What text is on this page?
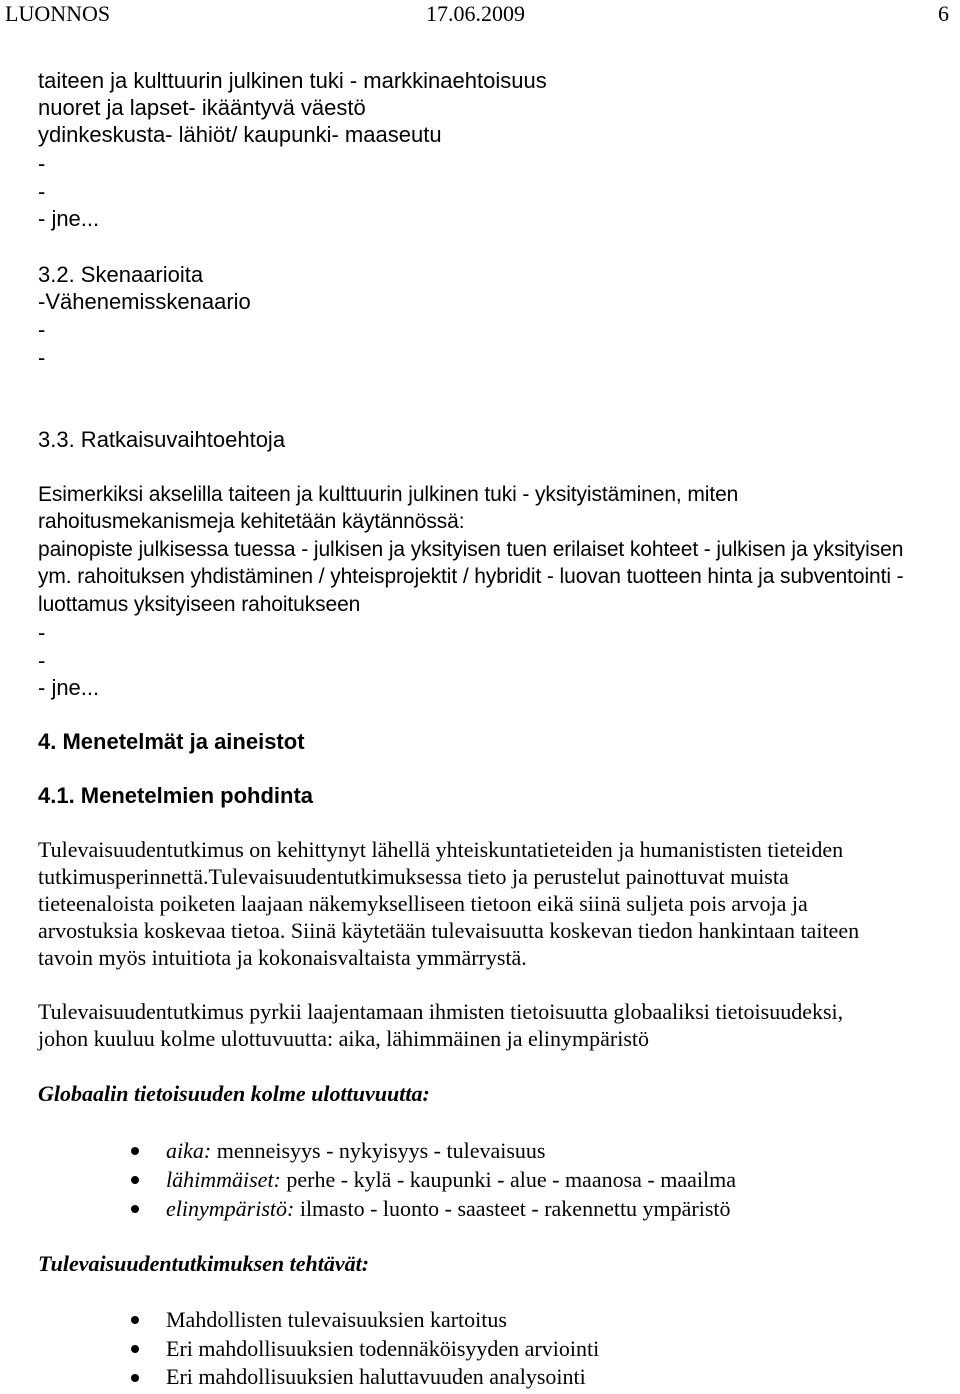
LUONNOS	17.06.2009	6
taiteen ja kulttuurin julkinen tuki - markkinaehtoisuus
nuoret ja lapset- ikääntyvä väestö
ydinkeskusta- lähiöt/ kaupunki- maaseutu
-
-
- jne...
3.2. Skenaarioita
-Vähenemisskenaario
-
-
3.3. Ratkaisuvaihtoehtoja
Esimerkiksi akselilla taiteen ja kulttuurin julkinen tuki - yksityistäminen, miten
rahoitusmekanismeja kehitetään käytännössä:
painopiste julkisessa tuessa - julkisen ja yksityisen tuen erilaiset kohteet - julkisen ja yksityisen
ym. rahoituksen yhdistäminen / yhteisprojektit / hybridit - luovan tuotteen hinta ja subventointi -
luottamus yksityiseen rahoitukseen
-
-
- jne...
4. Menetelmät ja aineistot
4.1. Menetelmien pohdinta
Tulevaisuudentutkimus on kehittynyt lähellä yhteiskuntatieteiden ja humanististen tieteiden
tutkimusperinnettä.Tulevaisuudentutkimuksessa tieto ja perustelut painottuvat muista
tieteenaloista poiketen laajaan näkemykselliseen tietoon eikä siinä suljeta pois arvoja ja
arvostuksia koskevaa tietoa. Siinä käytetään tulevaisuutta koskevan tiedon hankintaan taiteen
tavoin myös intuitiota ja kokonaisvaltaista ymmärrystä.
Tulevaisuudentutkimus pyrkii laajentamaan ihmisten tietoisuutta globaaliksi tietoisuudeksi,
johon kuuluu kolme ulottuvuutta: aika, lähimmäinen ja elinympäristö
Globaalin tietoisuuden kolme ulottuvuutta:
aika: menneisyys - nykyisyys - tulevaisuus
lähimmäiset: perhe - kylä - kaupunki - alue - maanosa - maailma
elinympäristö: ilmasto - luonto - saasteet - rakennettu ympäristö
Tulevaisuudentutkimuksen tehtävät:
Mahdollisten tulevaisuuksien kartoitus
Eri mahdollisuuksien todennäköisyyden arviointi
Eri mahdollisuuksien haluttavuuden analysointi
